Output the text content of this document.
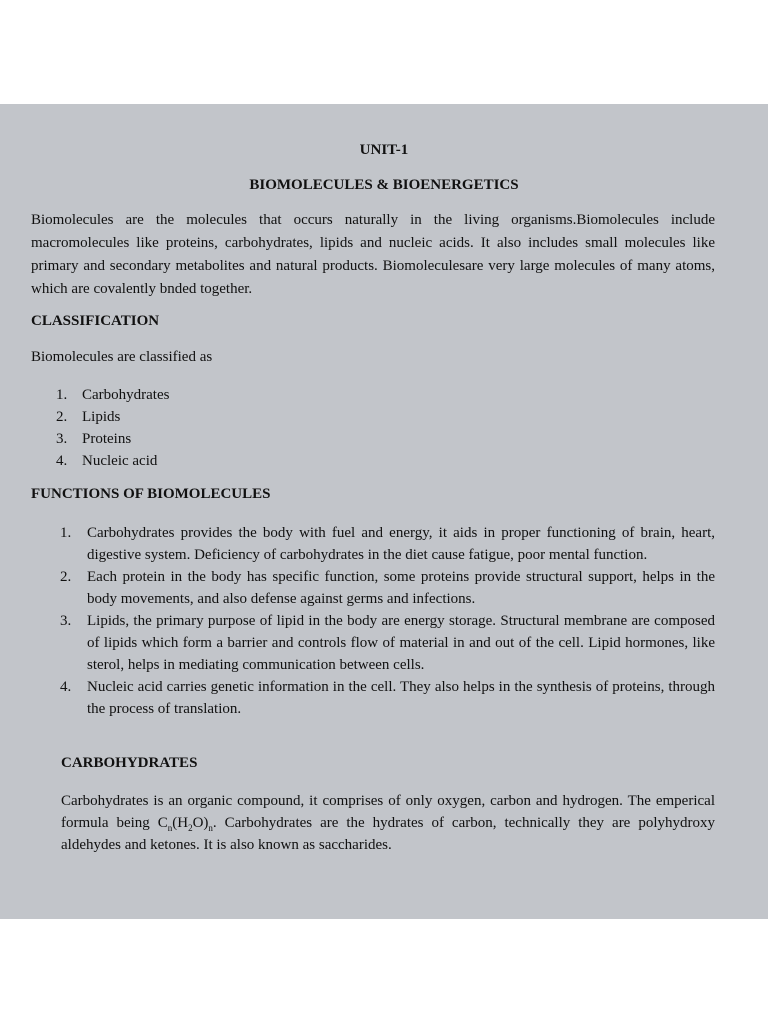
UNIT-1
BIOMOLECULES & BIOENERGETICS

Biomolecules are the molecules that occurs naturally in the living organisms.Biomolecules include macromolecules like proteins, carbohydrates, lipids and nucleic acids. It also includes small molecules like primary and secondary metabolites and natural products. Biomoleculesare very large molecules of many atoms, which are covalently bnded together.

CLASSIFICATION
Biomolecules are classified as
1. Carbohydrates
2. Lipids
3. Proteins
4. Nucleic acid
FUNCTIONS OF BIOMOLECULES
1.	Carbohydrates provides the body with fuel and energy, it aids in proper functioning of brain, heart, digestive system. Deficiency of carbohydrates in the diet cause fatigue, poor mental function.
2.	Each protein in the body has specific function, some proteins provide structural support, helps in the body movements, and also defense against germs and infections.
3.	Lipids, the primary purpose of lipid in the body are energy storage. Structural membrane are composed of lipids which form a barrier and controls flow of material in and out of the cell. Lipid hormones, like sterol, helps in mediating communication between cells.
4.	Nucleic acid carries genetic information in the cell. They also helps in the synthesis of proteins, through the process of translation.
CARBOHYDRATES

Carbohydrates is an organic compound, it comprises of only oxygen, carbon and hydrogen. The emperical formula being $C_n(H_2O)_n$. Carbohydrates are the hydrates of carbon, technically they are polyhydroxy aldehydes and ketones. It is also known as saccharides.
